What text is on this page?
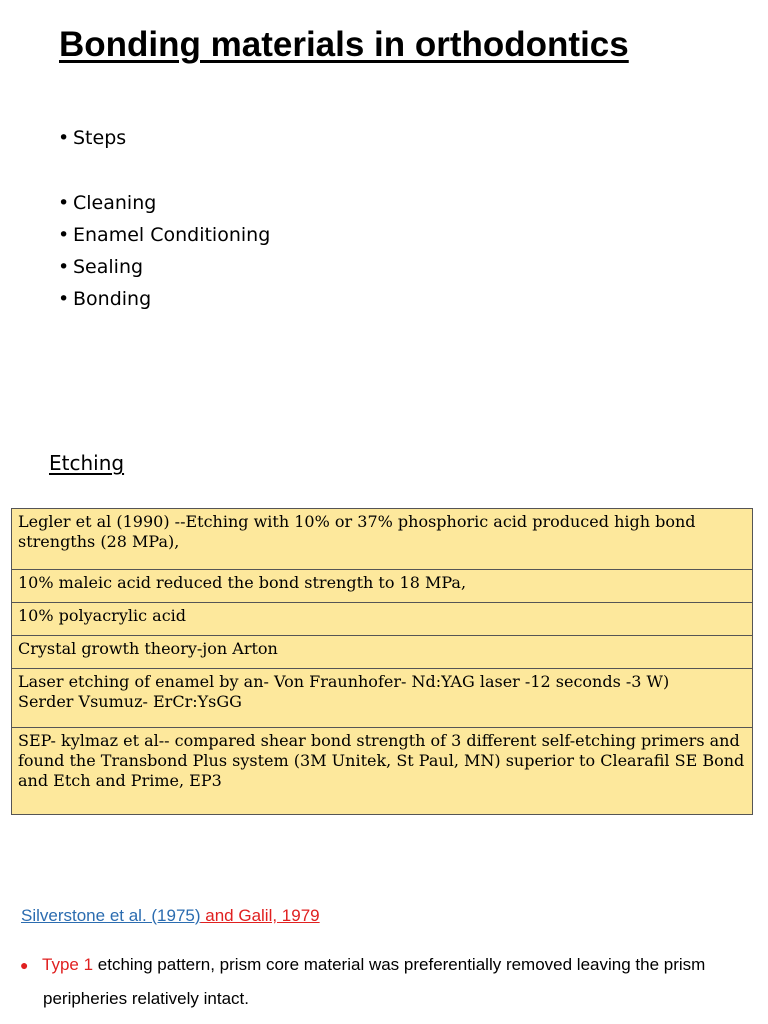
Bonding materials in orthodontics
• Steps
• Cleaning
• Enamel Conditioning
• Sealing
• Bonding
Etching
Legler et al (1990) --Etching with 10% or 37% phosphoric acid produced high bond strengths (28 MPa),
10% maleic acid reduced the bond strength to 18 MPa,
10% polyacrylic acid
Crystal growth theory-jon Arton
Laser etching of enamel by an- Von Fraunhofer- Nd:YAG laser -12 seconds -3 W)
Serder Vsumuz- ErCr:YsGG
SEP- kylmaz et al-- compared shear bond strength of 3 different self-etching primers and found the Transbond Plus system (3M Unitek, St Paul, MN) superior to Clearafil SE Bond and Etch and Prime, EP3
Silverstone et al. (1975) and Galil, 1979
● Type 1 etching pattern, prism core material was preferentially removed leaving the prism
peripheries relatively intact.
